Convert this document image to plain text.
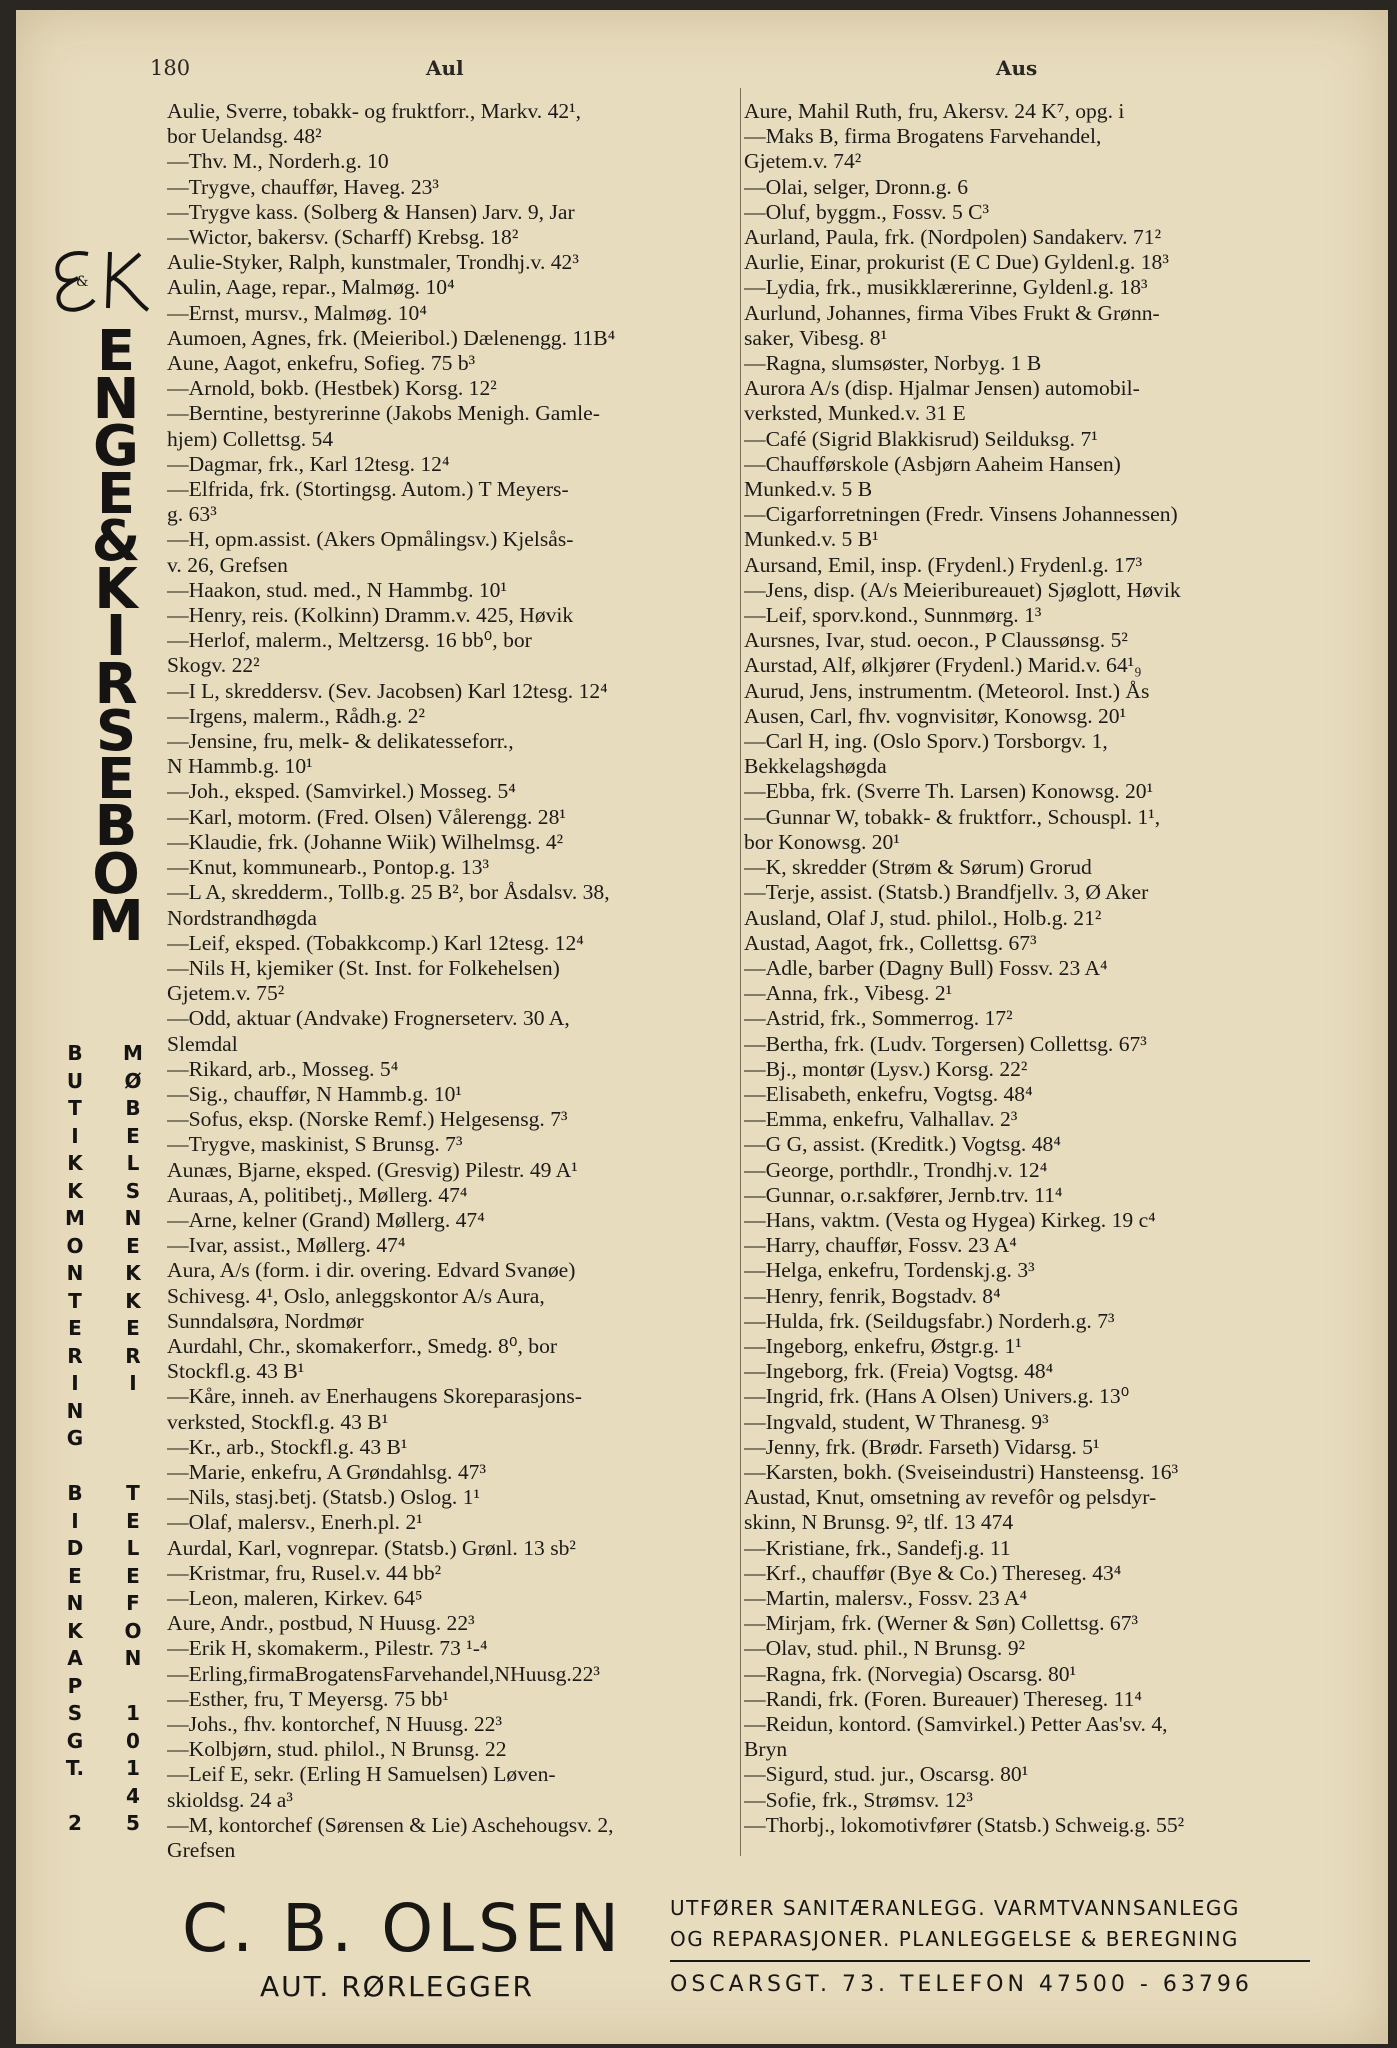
180	Aul	Aus
Aulie, Sverre, tobakk- og fruktforr., Markv. 42¹,
bor Uelandsg. 48²
—Thv. M., Norderh.g. 10
—Trygve, chauffør, Haveg. 23³
—Trygve kass. (Solberg & Hansen) Jarv. 9, Jar
—Wictor, bakersv. (Scharff) Krebsg. 18²
Aulie-Styker, Ralph, kunstmaler, Trondhj.v. 42³
Aulin, Aage, repar., Malmøg. 10⁴
—Ernst, mursv., Malmøg. 10⁴
Aumoen, Agnes, frk. (Meieribol.) Dælenengg. 11B⁴
Aune, Aagot, enkefru, Sofieg. 75 b³
—Arnold, bokb. (Hestbek) Korsg. 12²
—Berntine, bestyrerinne (Jakobs Menigh. Gamle-
hjem) Collettsg. 54
—Dagmar, frk., Karl 12tesg. 12⁴
—Elfrida, frk. (Stortingsg. Autom.) T Meyers-
g. 63³
—H, opm.assist. (Akers Opmålingsv.) Kjelsås-
v. 26, Grefsen
—Haakon, stud. med., N Hammbg. 10¹
—Henry, reis. (Kolkinn) Dramm.v. 425, Høvik
—Herlof, malerm., Meltzersg. 16 bb⁰, bor
Skogv. 22²
—I L, skreddersv. (Sev. Jacobsen) Karl 12tesg. 12⁴
—Irgens, malerm., Rådh.g. 2²
—Jensine, fru, melk- & delikatesseforr.,
N Hammb.g. 10¹
—Joh., eksped. (Samvirkel.) Mosseg. 5⁴
—Karl, motorm. (Fred. Olsen) Vålerengg. 28¹
—Klaudie, frk. (Johanne Wiik) Wilhelmsg. 4²
—Knut, kommunearb., Pontop.g. 13³
—L A, skredderm., Tollb.g. 25 B², bor Åsdalsv. 38,
Nordstrandhøgda
—Leif, eksped. (Tobakkcomp.) Karl 12tesg. 12⁴
—Nils H, kjemiker (St. Inst. for Folkehelsen)
Gjetem.v. 75²
—Odd, aktuar (Andvake) Frognerseterv. 30 A,
Slemdal
—Rikard, arb., Mosseg. 5⁴
—Sig., chauffør, N Hammb.g. 10¹
—Sofus, eksp. (Norske Remf.) Helgesensg. 7³
—Trygve, maskinist, S Brunsg. 7³
Aunæs, Bjarne, eksped. (Gresvig) Pilestr. 49 A¹
Auraas, A, politibetj., Møllerg. 47⁴
—Arne, kelner (Grand) Møllerg. 47⁴
—Ivar, assist., Møllerg. 47⁴
Aura, A/s (form. i dir. overing. Edvard Svanøe)
Schivesg. 4¹, Oslo, anleggskontor A/s Aura,
Sunndalsøra, Nordmør
Aurdahl, Chr., skomakerforr., Smedg. 8⁰, bor
Stockfl.g. 43 B¹
—Kåre, inneh. av Enerhaugens Skoreparasjons-
verksted, Stockfl.g. 43 B¹
—Kr., arb., Stockfl.g. 43 B¹
—Marie, enkefru, A Grøndahlsg. 47³
—Nils, stasj.betj. (Statsb.) Oslog. 1¹
—Olaf, malersv., Enerh.pl. 2¹
Aurdal, Karl, vognrepar. (Statsb.) Grønl. 13 sb²
—Kristmar, fru, Rusel.v. 44 bb²
—Leon, maleren, Kirkev. 64⁵
Aure, Andr., postbud, N Huusg. 22³
—Erik H, skomakerm., Pilestr. 73 ¹-⁴
—Erling,firmaBrogatensFarvehandel,NHuusg.22³
—Esther, fru, T Meyersg. 75 bb¹
—Johs., fhv. kontorchef, N Huusg. 22³
—Kolbjørn, stud. philol., N Brunsg. 22
—Leif E, sekr. (Erling H Samuelsen) Løven-
skioldsg. 24 a³
—M, kontorchef (Sørensen & Lie) Aschehougsv. 2,
Grefsen
Aure, Mahil Ruth, fru, Akersv. 24 K⁷, opg. i
—Maks B, firma Brogatens Farvehandel,
Gjetem.v. 74²
—Olai, selger, Dronn.g. 6
—Oluf, byggm., Fossv. 5 C³
Aurland, Paula, frk. (Nordpolen) Sandakerv. 71²
Aurlie, Einar, prokurist (E C Due) Gyldenl.g. 18³
—Lydia, frk., musikklærerinne, Gyldenl.g. 18³
Aurlund, Johannes, firma Vibes Frukt & Grønn-
saker, Vibesg. 8¹
—Ragna, slumsøster, Norbyg. 1 B
Aurora A/s (disp. Hjalmar Jensen) automobil-
verksted, Munked.v. 31 E
—Café (Sigrid Blakkisrud) Seilduksg. 7¹
—Chaufførskole (Asbjørn Aaheim Hansen)
Munked.v. 5 B
—Cigarforretningen (Fredr. Vinsens Johannessen)
Munked.v. 5 B¹
Aursand, Emil, insp. (Frydenl.) Frydenl.g. 17³
—Jens, disp. (A/s Meieribureauet) Sjøglott, Høvik
—Leif, sporv.kond., Sunnmørg. 1³
Aursnes, Ivar, stud. oecon., P Claussønsg. 5²
Aurstad, Alf, ølkjører (Frydenl.) Marid.v. 64¹₉
Aurud, Jens, instrumentm. (Meteorol. Inst.) Ås
Ausen, Carl, fhv. vognvisitør, Konowsg. 20¹
—Carl H, ing. (Oslo Sporv.) Torsborgv. 1,
Bekkelagshøgda
—Ebba, frk. (Sverre Th. Larsen) Konowsg. 20¹
—Gunnar W, tobakk- & fruktforr., Schouspl. 1¹,
bor Konowsg. 20¹
—K, skredder (Strøm & Sørum) Grorud
—Terje, assist. (Statsb.) Brandfjellv. 3, Ø Aker
Ausland, Olaf J, stud. philol., Holb.g. 21²
Austad, Aagot, frk., Collettsg. 67³
—Adle, barber (Dagny Bull) Fossv. 23 A⁴
—Anna, frk., Vibesg. 2¹
—Astrid, frk., Sommerrog. 17²
—Bertha, frk. (Ludv. Torgersen) Collettsg. 67³
—Bj., montør (Lysv.) Korsg. 22²
—Elisabeth, enkefru, Vogtsg. 48⁴
—Emma, enkefru, Valhallav. 2³
—G G, assist. (Kreditk.) Vogtsg. 48⁴
—George, porthdlr., Trondhj.v. 12⁴
—Gunnar, o.r.sakfører, Jernb.trv. 11⁴
—Hans, vaktm. (Vesta og Hygea) Kirkeg. 19 c⁴
—Harry, chauffør, Fossv. 23 A⁴
—Helga, enkefru, Tordenskj.g. 3³
—Henry, fenrik, Bogstadv. 8⁴
—Hulda, frk. (Seildugsfabr.) Norderh.g. 7³
—Ingeborg, enkefru, Østgr.g. 1¹
—Ingeborg, frk. (Freia) Vogtsg. 48⁴
—Ingrid, frk. (Hans A Olsen) Univers.g. 13⁰
—Ingvald, student, W Thranesg. 9³
—Jenny, frk. (Brødr. Farseth) Vidarsg. 5¹
—Karsten, bokh. (Sveiseindustri) Hansteensg. 16³
Austad, Knut, omsetning av revefôr og pelsdyr-
skinn, N Brunsg. 9², tlf. 13 474
—Kristiane, frk., Sandefj.g. 11
—Krf., chauffør (Bye & Co.) Thereseg. 43⁴
—Martin, malersv., Fossv. 23 A⁴
—Mirjam, frk. (Werner & Søn) Collettsg. 67³
—Olav, stud. phil., N Brunsg. 9²
—Ragna, frk. (Norvegia) Oscarsg. 80¹
—Randi, frk. (Foren. Bureauer) Thereseg. 11⁴
—Reidun, kontord. (Samvirkel.) Petter Aas'sv. 4,
Bryn
—Sigurd, stud. jur., Oscarsg. 80¹
—Sofie, frk., Strømsv. 12³
—Thorbj., lokomotivfører (Statsb.) Schweig.g. 55²
&
E
N
G
E
&
K
I
R
S
E
B
O
M
B
U
T
I
K
K
M
O
N
T
E
R
I
N
G
B
I
D
E
N
K
A
P
S
G
T.
2
M
Ø
B
E
L
S
N
E
K
K
E
R
I
T
E
L
E
F
O
N
1
0
1
4
5
C. B. OLSEN
AUT. RØRLEGGER
UTFØRER SANITÆRANLEGG. VARMTVANNSANLEGG
OG REPARASJONER. PLANLEGGELSE & BEREGNING
OSCARSGT. 73. TELEFON 47500 - 63796
